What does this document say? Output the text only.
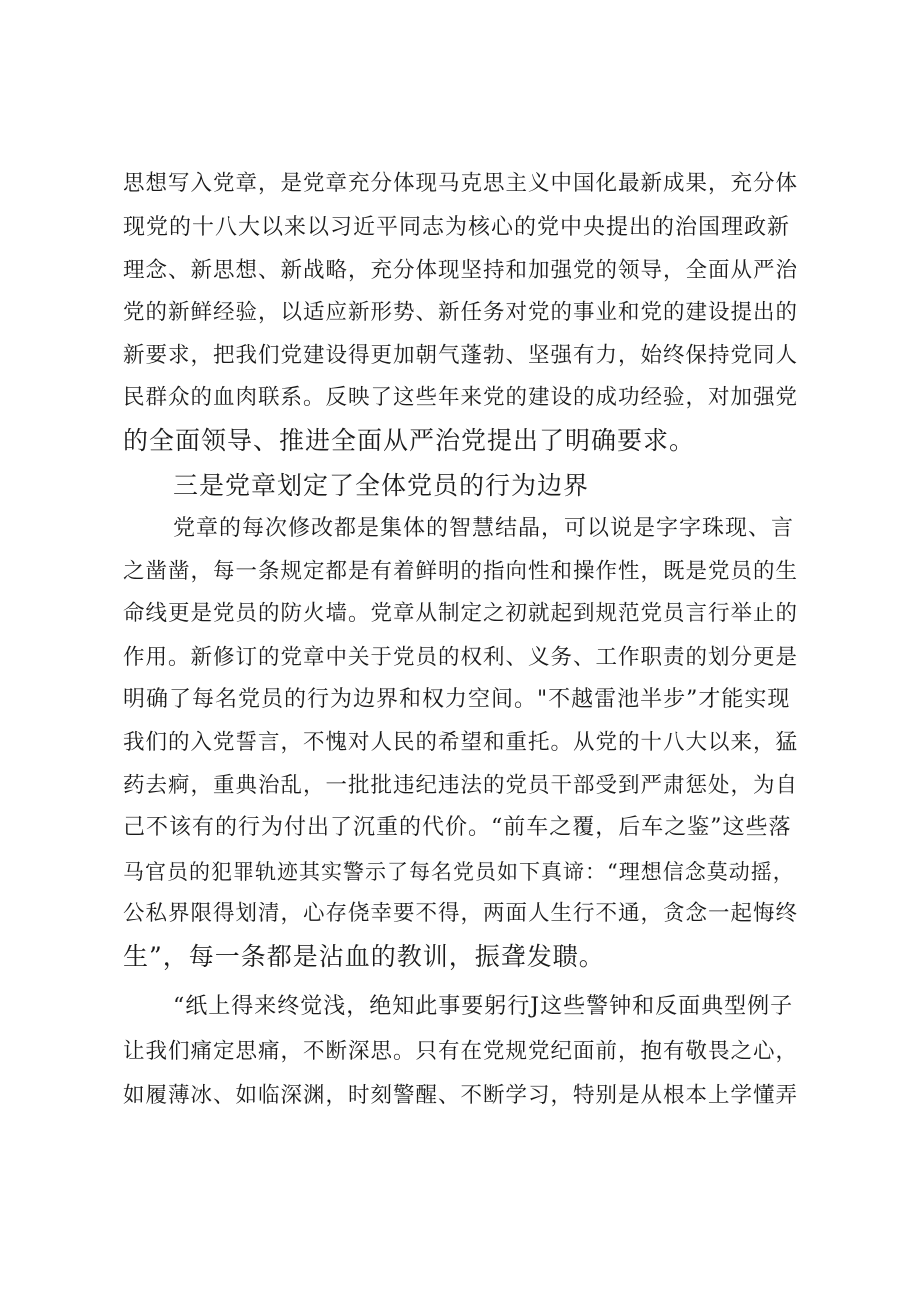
思想写入党章，是党章充分体现马克思主义中国化最新成果，充分体
现党的十八大以来以习近平同志为核心的党中央提出的治国理政新
理念、新思想、新战略，充分体现坚持和加强党的领导，全面从严治
党的新鲜经验，以适应新形势、新任务对党的事业和党的建设提出的
新要求，把我们党建设得更加朝气蓬勃、坚强有力，始终保持党同人
民群众的血肉联系。反映了这些年来党的建设的成功经验，对加强党
的全面领导、推进全面从严治党提出了明确要求。
三是党章划定了全体党员的行为边界
党章的每次修改都是集体的智慧结晶，可以说是字字珠现、言
之凿凿，每一条规定都是有着鲜明的指向性和操作性，既是党员的生
命线更是党员的防火墙。党章从制定之初就起到规范党员言行举止的
作用。新修订的党章中关于党员的权利、义务、工作职责的划分更是
明确了每名党员的行为边界和权力空间。"不越雷池半步”才能实现
我们的入党誓言，不愧对人民的希望和重托。从党的十八大以来，猛
药去痾，重典治乱，一批批违纪违法的党员干部受到严肃惩处，为自
己不该有的行为付出了沉重的代价。“前车之覆，后车之鉴”这些落
马官员的犯罪轨迹其实警示了每名党员如下真谛：“理想信念莫动摇，
公私界限得划清，心存侥幸要不得，两面人生行不通，贪念一起悔终
生”，每一条都是沾血的教训，振聋发聩。
“纸上得来终觉浅，绝知此事要躬行J这些警钟和反面典型例子
让我们痛定思痛，不断深思。只有在党规党纪面前，抱有敬畏之心，
如履薄冰、如临深渊，时刻警醒、不断学习，特别是从根本上学懂弄
